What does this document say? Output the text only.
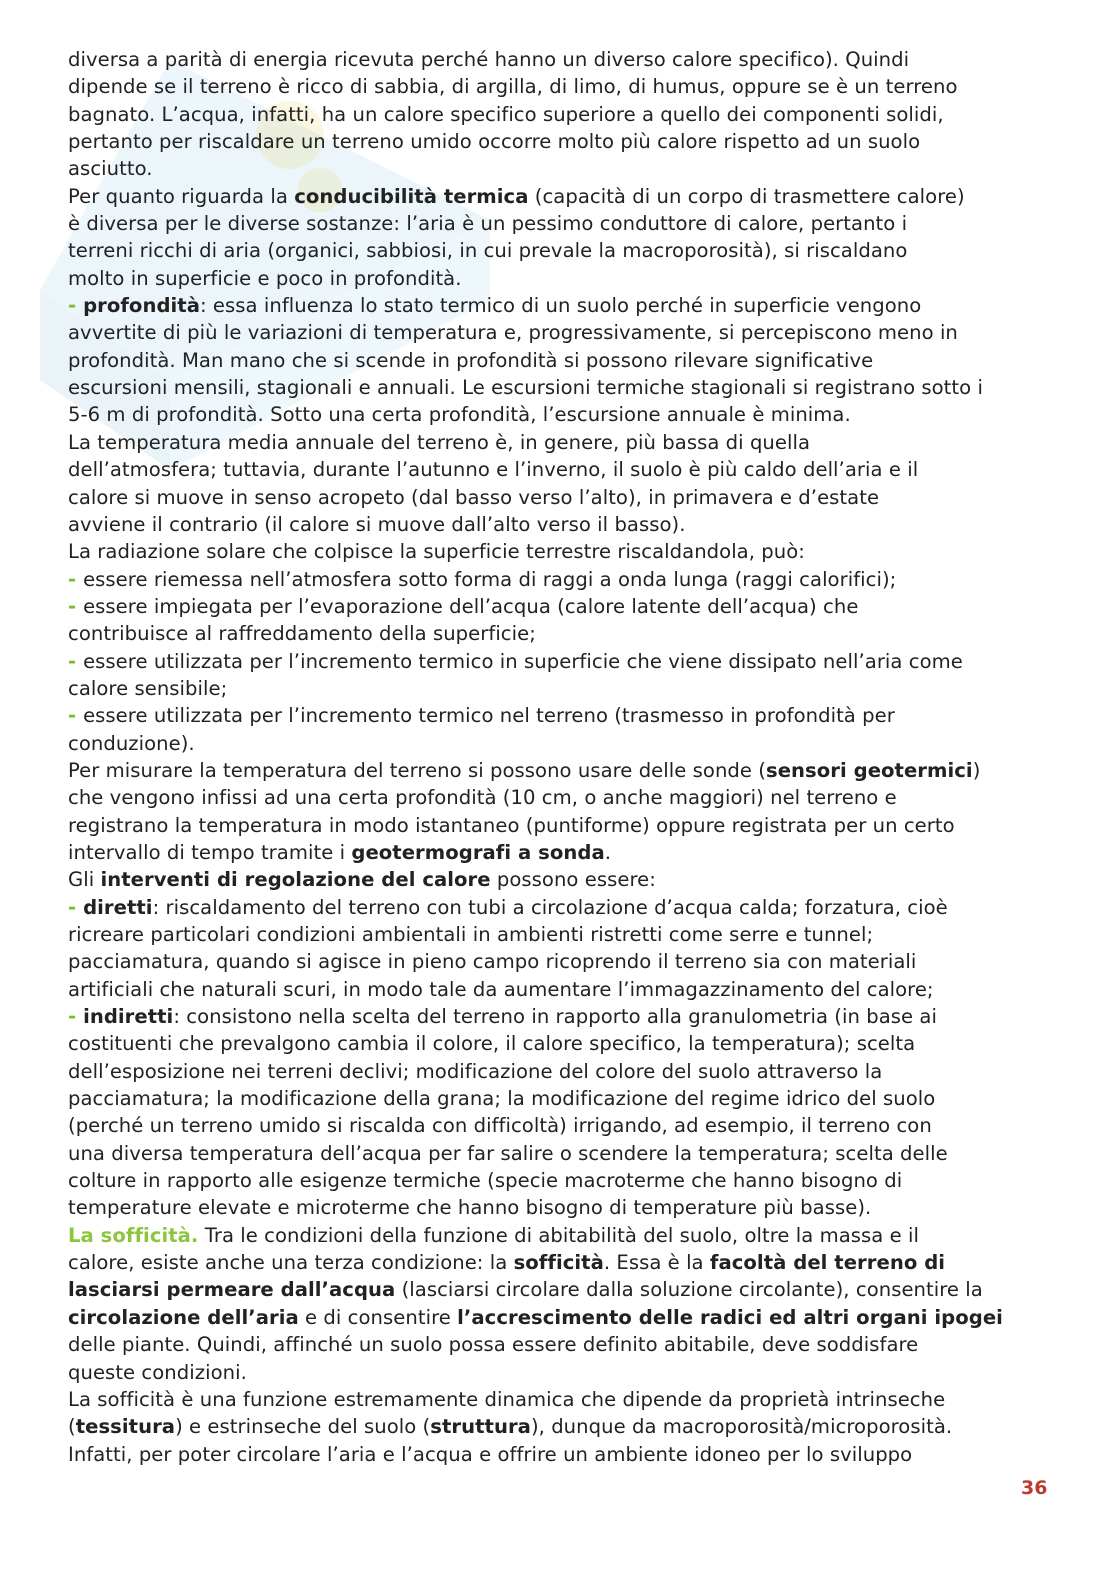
diversa a parità di energia ricevuta perché hanno un diverso calore specifico). Quindi

dipende se il terreno è ricco di sabbia, di argilla, di limo, di humus, oppure se è un terreno

bagnato. L’acqua, infatti, ha un calore specifico superiore a quello dei componenti solidi,

pertanto per riscaldare un terreno umido occorre molto più calore rispetto ad un suolo

asciutto.

Per quanto riguarda la conducibilità termica (capacità di un corpo di trasmettere calore)

è diversa per le diverse sostanze: l’aria è un pessimo conduttore di calore, pertanto i

terreni ricchi di aria (organici, sabbiosi, in cui prevale la macroporosità), si riscaldano

molto in superficie e poco in profondità.

- profondità: essa influenza lo stato termico di un suolo perché in superficie vengono

avvertite di più le variazioni di temperatura e, progressivamente, si percepiscono meno in

profondità. Man mano che si scende in profondità si possono rilevare significative

escursioni mensili, stagionali e annuali. Le escursioni termiche stagionali si registrano sotto i

5-6 m di profondità. Sotto una certa profondità, l’escursione annuale è minima.

La temperatura media annuale del terreno è, in genere, più bassa di quella

dell’atmosfera; tuttavia, durante l’autunno e l’inverno, il suolo è più caldo dell’aria e il

calore si muove in senso acropeto (dal basso verso l’alto), in primavera e d’estate

avviene il contrario (il calore si muove dall’alto verso il basso).

La radiazione solare che colpisce la superficie terrestre riscaldandola, può:

- essere riemessa nell’atmosfera sotto forma di raggi a onda lunga (raggi calorifici);

- essere impiegata per l’evaporazione dell’acqua (calore latente dell’acqua) che

contribuisce al raffreddamento della superficie;

- essere utilizzata per l’incremento termico in superficie che viene dissipato nell’aria come

calore sensibile;

- essere utilizzata per l’incremento termico nel terreno (trasmesso in profondità per

conduzione).

Per misurare la temperatura del terreno si possono usare delle sonde (sensori geotermici)

che vengono infissi ad una certa profondità (10 cm, o anche maggiori) nel terreno e

registrano la temperatura in modo istantaneo (puntiforme) oppure registrata per un certo

intervallo di tempo tramite i geotermografi a sonda.

Gli interventi di regolazione del calore possono essere:

- diretti: riscaldamento del terreno con tubi a circolazione d’acqua calda; forzatura, cioè

ricreare particolari condizioni ambientali in ambienti ristretti come serre e tunnel;

pacciamatura, quando si agisce in pieno campo ricoprendo il terreno sia con materiali

artificiali che naturali scuri, in modo tale da aumentare l’immagazzinamento del calore;

- indiretti: consistono nella scelta del terreno in rapporto alla granulometria (in base ai

costituenti che prevalgono cambia il colore, il calore specifico, la temperatura); scelta

dell’esposizione nei terreni declivi; modificazione del colore del suolo attraverso la

pacciamatura; la modificazione della grana; la modificazione del regime idrico del suolo

(perché un terreno umido si riscalda con difficoltà) irrigando, ad esempio, il terreno con

una diversa temperatura dell’acqua per far salire o scendere la temperatura; scelta delle

colture in rapporto alle esigenze termiche (specie macroterme che hanno bisogno di

temperature elevate e microterme che hanno bisogno di temperature più basse).

La sofficità. Tra le condizioni della funzione di abitabilità del suolo, oltre la massa e il

calore, esiste anche una terza condizione: la sofficità. Essa è la facoltà del terreno di

lasciarsi permeare dall’acqua (lasciarsi circolare dalla soluzione circolante), consentire la

circolazione dell’aria e di consentire l’accrescimento delle radici ed altri organi ipogei

delle piante. Quindi, affinché un suolo possa essere definito abitabile, deve soddisfare

queste condizioni.

La sofficità è una funzione estremamente dinamica che dipende da proprietà intrinseche

(tessitura) e estrinseche del suolo (struttura), dunque da macroporosità/microporosità.

Infatti, per poter circolare l’aria e l’acqua e offrire un ambiente idoneo per lo sviluppo

36
